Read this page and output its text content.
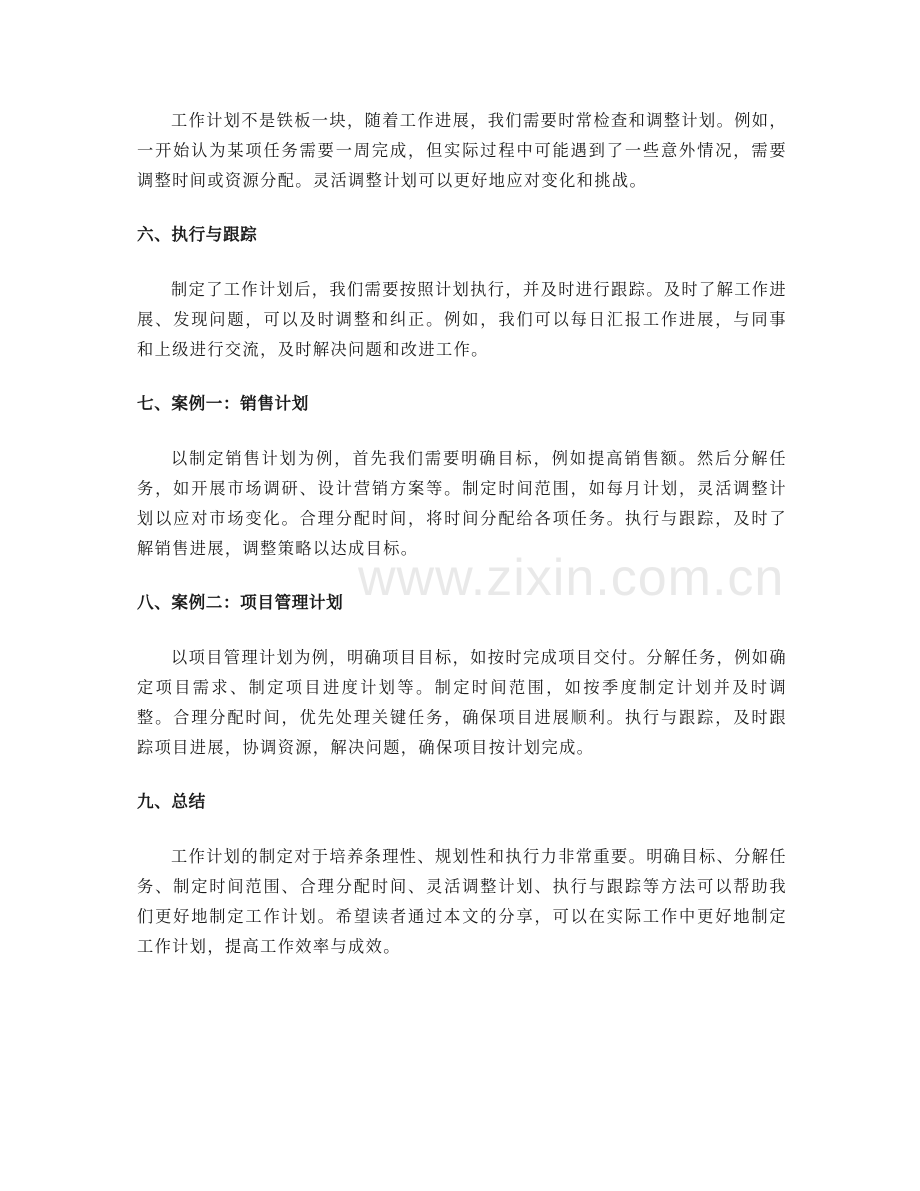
工作计划不是铁板一块，随着工作进展，我们需要时常检查和调整计划。例如，一开始认为某项任务需要一周完成，但实际过程中可能遇到了一些意外情况，需要调整时间或资源分配。灵活调整计划可以更好地应对变化和挑战。

六、执行与跟踪

制定了工作计划后，我们需要按照计划执行，并及时进行跟踪。及时了解工作进展、发现问题，可以及时调整和纠正。例如，我们可以每日汇报工作进展，与同事和上级进行交流，及时解决问题和改进工作。

七、案例一：销售计划

以制定销售计划为例，首先我们需要明确目标，例如提高销售额。然后分解任务，如开展市场调研、设计营销方案等。制定时间范围，如每月计划，灵活调整计划以应对市场变化。合理分配时间，将时间分配给各项任务。执行与跟踪，及时了解销售进展，调整策略以达成目标。

八、案例二：项目管理计划

以项目管理计划为例，明确项目目标，如按时完成项目交付。分解任务，例如确定项目需求、制定项目进度计划等。制定时间范围，如按季度制定计划并及时调整。合理分配时间，优先处理关键任务，确保项目进展顺利。执行与跟踪，及时跟踪项目进展，协调资源，解决问题，确保项目按计划完成。

九、总结

工作计划的制定对于培养条理性、规划性和执行力非常重要。明确目标、分解任务、制定时间范围、合理分配时间、灵活调整计划、执行与跟踪等方法可以帮助我们更好地制定工作计划。希望读者通过本文的分享，可以在实际工作中更好地制定工作计划，提高工作效率与成效。

www.zixin.com.cn
